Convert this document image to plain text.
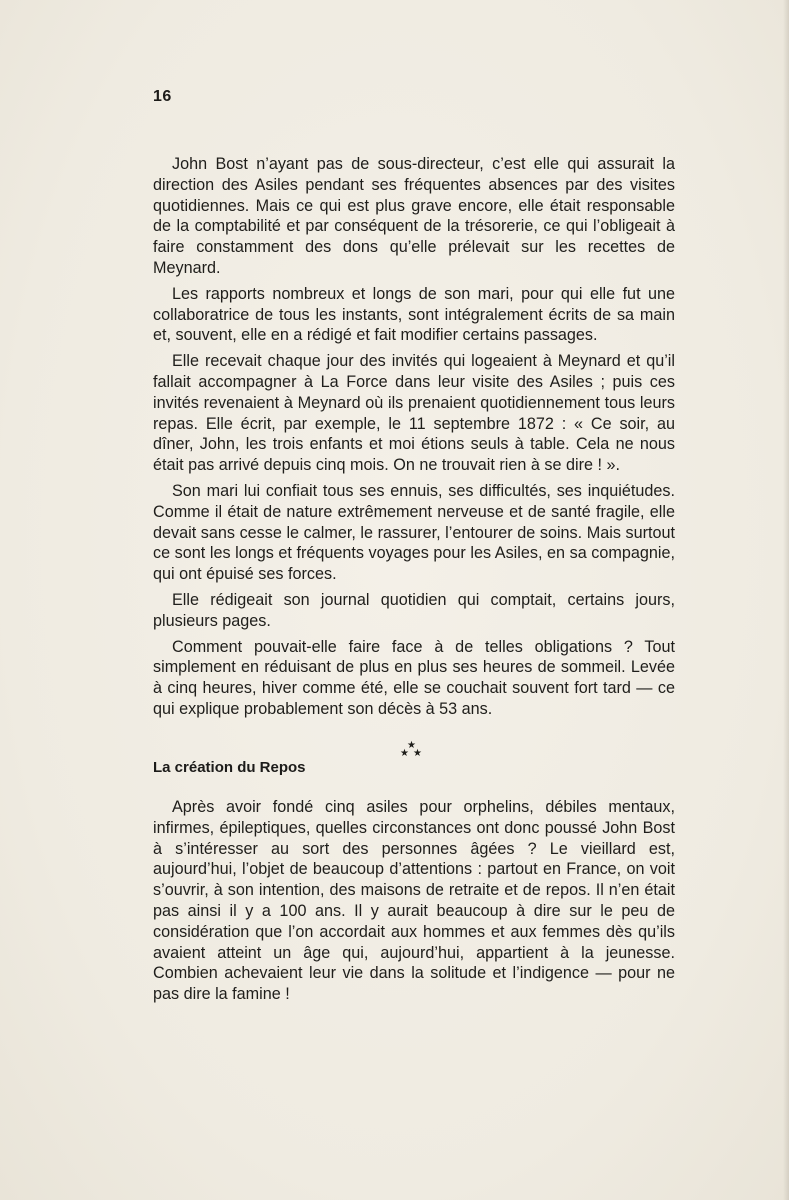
16

John Bost n’ayant pas de sous-directeur, c’est elle qui assurait la direction des Asiles pendant ses fréquentes absences par des visites quotidiennes. Mais ce qui est plus grave encore, elle était responsable de la comptabilité et par conséquent de la trésorerie, ce qui l’obligeait à faire constamment des dons qu’elle prélevait sur les recettes de Meynard.

Les rapports nombreux et longs de son mari, pour qui elle fut une collaboratrice de tous les instants, sont intégralement écrits de sa main et, souvent, elle en a rédigé et fait modifier certains passages.

Elle recevait chaque jour des invités qui logeaient à Meynard et qu’il fallait accompagner à La Force dans leur visite des Asiles ; puis ces invités revenaient à Meynard où ils prenaient quotidiennement tous leurs repas. Elle écrit, par exemple, le 11 septembre 1872 : « Ce soir, au dîner, John, les trois enfants et moi étions seuls à table. Cela ne nous était pas arrivé depuis cinq mois. On ne trouvait rien à se dire ! ».

Son mari lui confiait tous ses ennuis, ses difficultés, ses inquiétudes. Comme il était de nature extrêmement nerveuse et de santé fragile, elle devait sans cesse le calmer, le rassurer, l’entourer de soins. Mais surtout ce sont les longs et fréquents voyages pour les Asiles, en sa compagnie, qui ont épuisé ses forces.

Elle rédigeait son journal quotidien qui comptait, certains jours, plusieurs pages.

Comment pouvait-elle faire face à de telles obligations ? Tout simplement en réduisant de plus en plus ses heures de sommeil. Levée à cinq heures, hiver comme été, elle se couchait souvent fort tard — ce qui explique probablement son décès à 53 ans.

★
★ ★
La création du Repos

Après avoir fondé cinq asiles pour orphelins, débiles mentaux, infirmes, épileptiques, quelles circonstances ont donc poussé John Bost à s’intéresser au sort des personnes âgées ? Le vieillard est, aujourd’hui, l’objet de beaucoup d’attentions : partout en France, on voit s’ouvrir, à son intention, des maisons de retraite et de repos. Il n’en était pas ainsi il y a 100 ans. Il y aurait beaucoup à dire sur le peu de considération que l’on accordait aux hommes et aux femmes dès qu’ils avaient atteint un âge qui, aujourd’hui, appartient à la jeunesse. Combien achevaient leur vie dans la solitude et l’indigence — pour ne pas dire la famine !
